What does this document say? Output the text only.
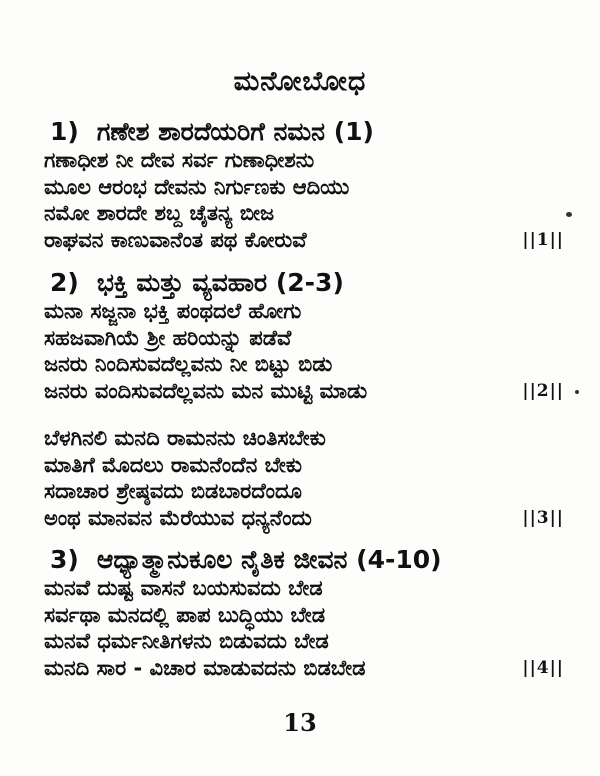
ಮನೋಬೋಧ
1) ಗಣೇಶ ಶಾರದೆಯರಿಗೆ ನಮನ (1)
ಗಣಾಧೀಶ ನೀ ದೇವ ಸರ್ವ ಗುಣಾಧೀಶನು
ಮೂಲ ಆರಂಭ ದೇವನು ನಿರ್ಗುಣಕು ಆದಿಯು
ನಮೋ ಶಾರದೇ ಶಬ್ದ ಚೈತನ್ಯ ಬೀಜ
ರಾಘವನ ಕಾಣುವಾನೆಂತ ಪಥ ಕೋರುವೆ	||1||
2) ಭಕ್ತಿ ಮತ್ತು ವ್ಯವಹಾರ (2-3)
ಮನಾ ಸಜ್ಜನಾ ಭಕ್ತಿ ಪಂಥದಲೆ ಹೋಗು
ಸಹಜವಾಗಿಯೆ ಶ್ರೀ ಹರಿಯನ್ನು ಪಡೆವೆ
ಜನರು ನಿಂದಿಸುವದೆಲ್ಲವನು ನೀ ಬಿಟ್ಟು ಬಿಡು
ಜನರು ವಂದಿಸುವದೆಲ್ಲವನು ಮನ ಮುಟ್ಟಿ ಮಾಡು	||2||
ಬೆಳಗಿನಲಿ ಮನದಿ ರಾಮನನು ಚಿಂತಿಸಬೇಕು
ಮಾತಿಗೆ ಮೊದಲು ರಾಮನೆಂದೆನ ಬೇಕು
ಸದಾಚಾರ ಶ್ರೇಷ್ಠವದು ಬಿಡಬಾರದೆಂದೂ
ಅಂಥ ಮಾನವನ ಮೆರೆಯುವ ಧನ್ಯನೆಂದು	||3||
3) ಆಧ್ಯಾತ್ಮಾನುಕೂಲ ನೈತಿಕ ಜೀವನ (4-10)
ಮನವೆ ದುಷ್ಟ ವಾಸನೆ ಬಯಸುವದು ಬೇಡ
ಸರ್ವಥಾ ಮನದಲ್ಲಿ ಪಾಪ ಬುದ್ಧಿಯು ಬೇಡ
ಮನವೆ ಧರ್ಮನೀತಿಗಳನು ಬಿಡುವದು ಬೇಡ
ಮನದಿ ಸಾರ - ವಿಚಾರ ಮಾಡುವದನು ಬಿಡಬೇಡ	||4||
13
